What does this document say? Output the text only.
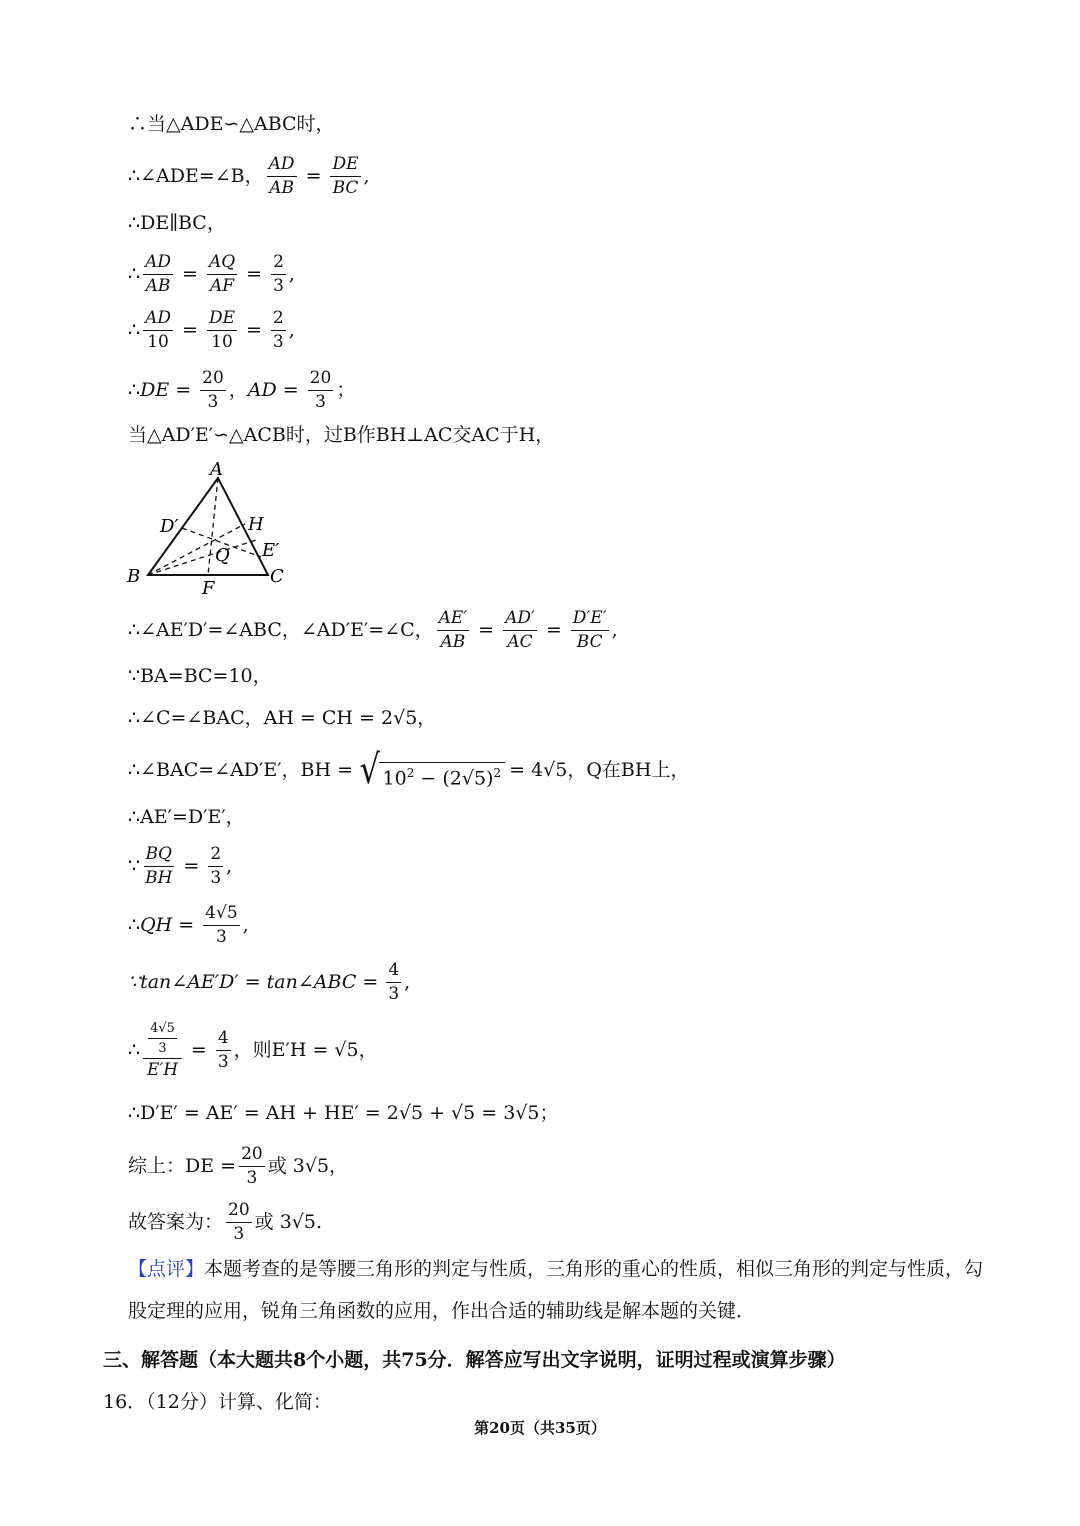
∴当△ADE∽△ABC时，
∴∠ADE=∠B， $\frac{AD}{AB} = \frac{DE}{BC}$ ,
∴DE∥BC，
∴ $\frac{AD}{AB} = \frac{AQ}{AF} = \frac{2}{3}$ ,
∴ $\frac{AD}{10} = \frac{DE}{10} = \frac{2}{3}$ ,
∴ DE = $\frac{20}{3}$ ， AD = $\frac{20}{3}$ ；
当△AD′E′∽△ACB时，过B作BH⊥AC交AC于H，
A
B	C
D′	H
E′
Q
F
∴∠AE′D′=∠ABC，∠AD′E′=∠C， $\frac{AE'}{AB} = \frac{AD'}{AC} = \frac{D'E'}{BC}$ ,
∵BA=BC=10，
∴∠C=∠BAC，AH = CH = 2√5，
∴∠BAC=∠AD′E′，BH = √ $10^2 - (2√5)^2 = 4√5$，Q在BH上，
∴AE′=D′E′，
∵ $\frac{BQ}{BH} = \frac{2}{3}$ ,
∴ QH = $\frac{4√5}{3}$ ,
∵tan∠AE′D′ = tan∠ABC = $\frac{4}{3}$ ,
∴ $\frac{\frac{4√5}{3}}{E'H} = \frac{4}{3}$ ，则E′H = √5，
∴D′E′ = AE′ = AH + HE′ = 2√5 + √5 = 3√5；
综上：DE = $\frac{20}{3}$ 或 3√5，
故答案为： $\frac{20}{3}$ 或 3√5.
【点评】本题考查的是等腰三角形的判定与性质，三角形的重心的性质，相似三角形的判定与性质，勾股定理的应用，锐角三角函数的应用，作出合适的辅助线是解本题的关键．
三、解答题（本大题共8个小题，共75分．解答应写出文字说明，证明过程或演算步骤）
16．（12分）计算、化简：
第20页（共35页）
